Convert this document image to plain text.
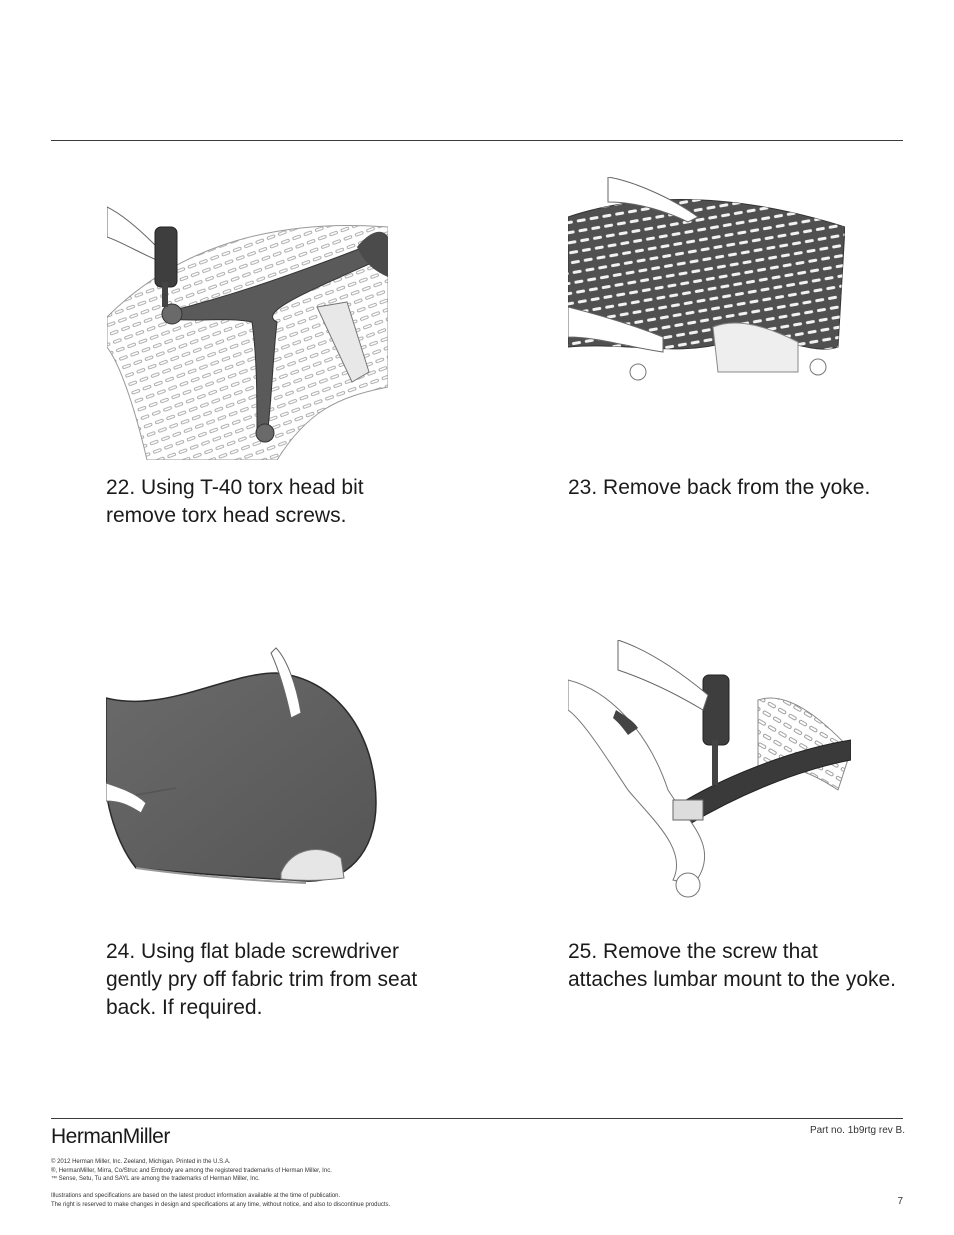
22. Using T-40 torx head bit remove torx head screws.

23. Remove back from the yoke.

24. Using flat blade screwdriver gently pry off fabric trim from seat back. If required.

25. Remove the screw that attaches lumbar mount to the yoke.

HermanMiller	Part no. 1b9rtg rev B.
© 2012 Herman Miller, Inc. Zeeland, Michigan. Printed in the U.S.A.
®, HermanMiller, Mirra, Co/Struc and Embody are among the registered trademarks of Herman Miller, Inc.
™ Sense, Setu, Tu and SAYL are among the trademarks of Herman Miller, Inc.
Illustrations and specifications are based on the latest product information available at the time of publication.
The right is reserved to make changes in design and specifications at any time, without notice, and also to discontinue products.	7
